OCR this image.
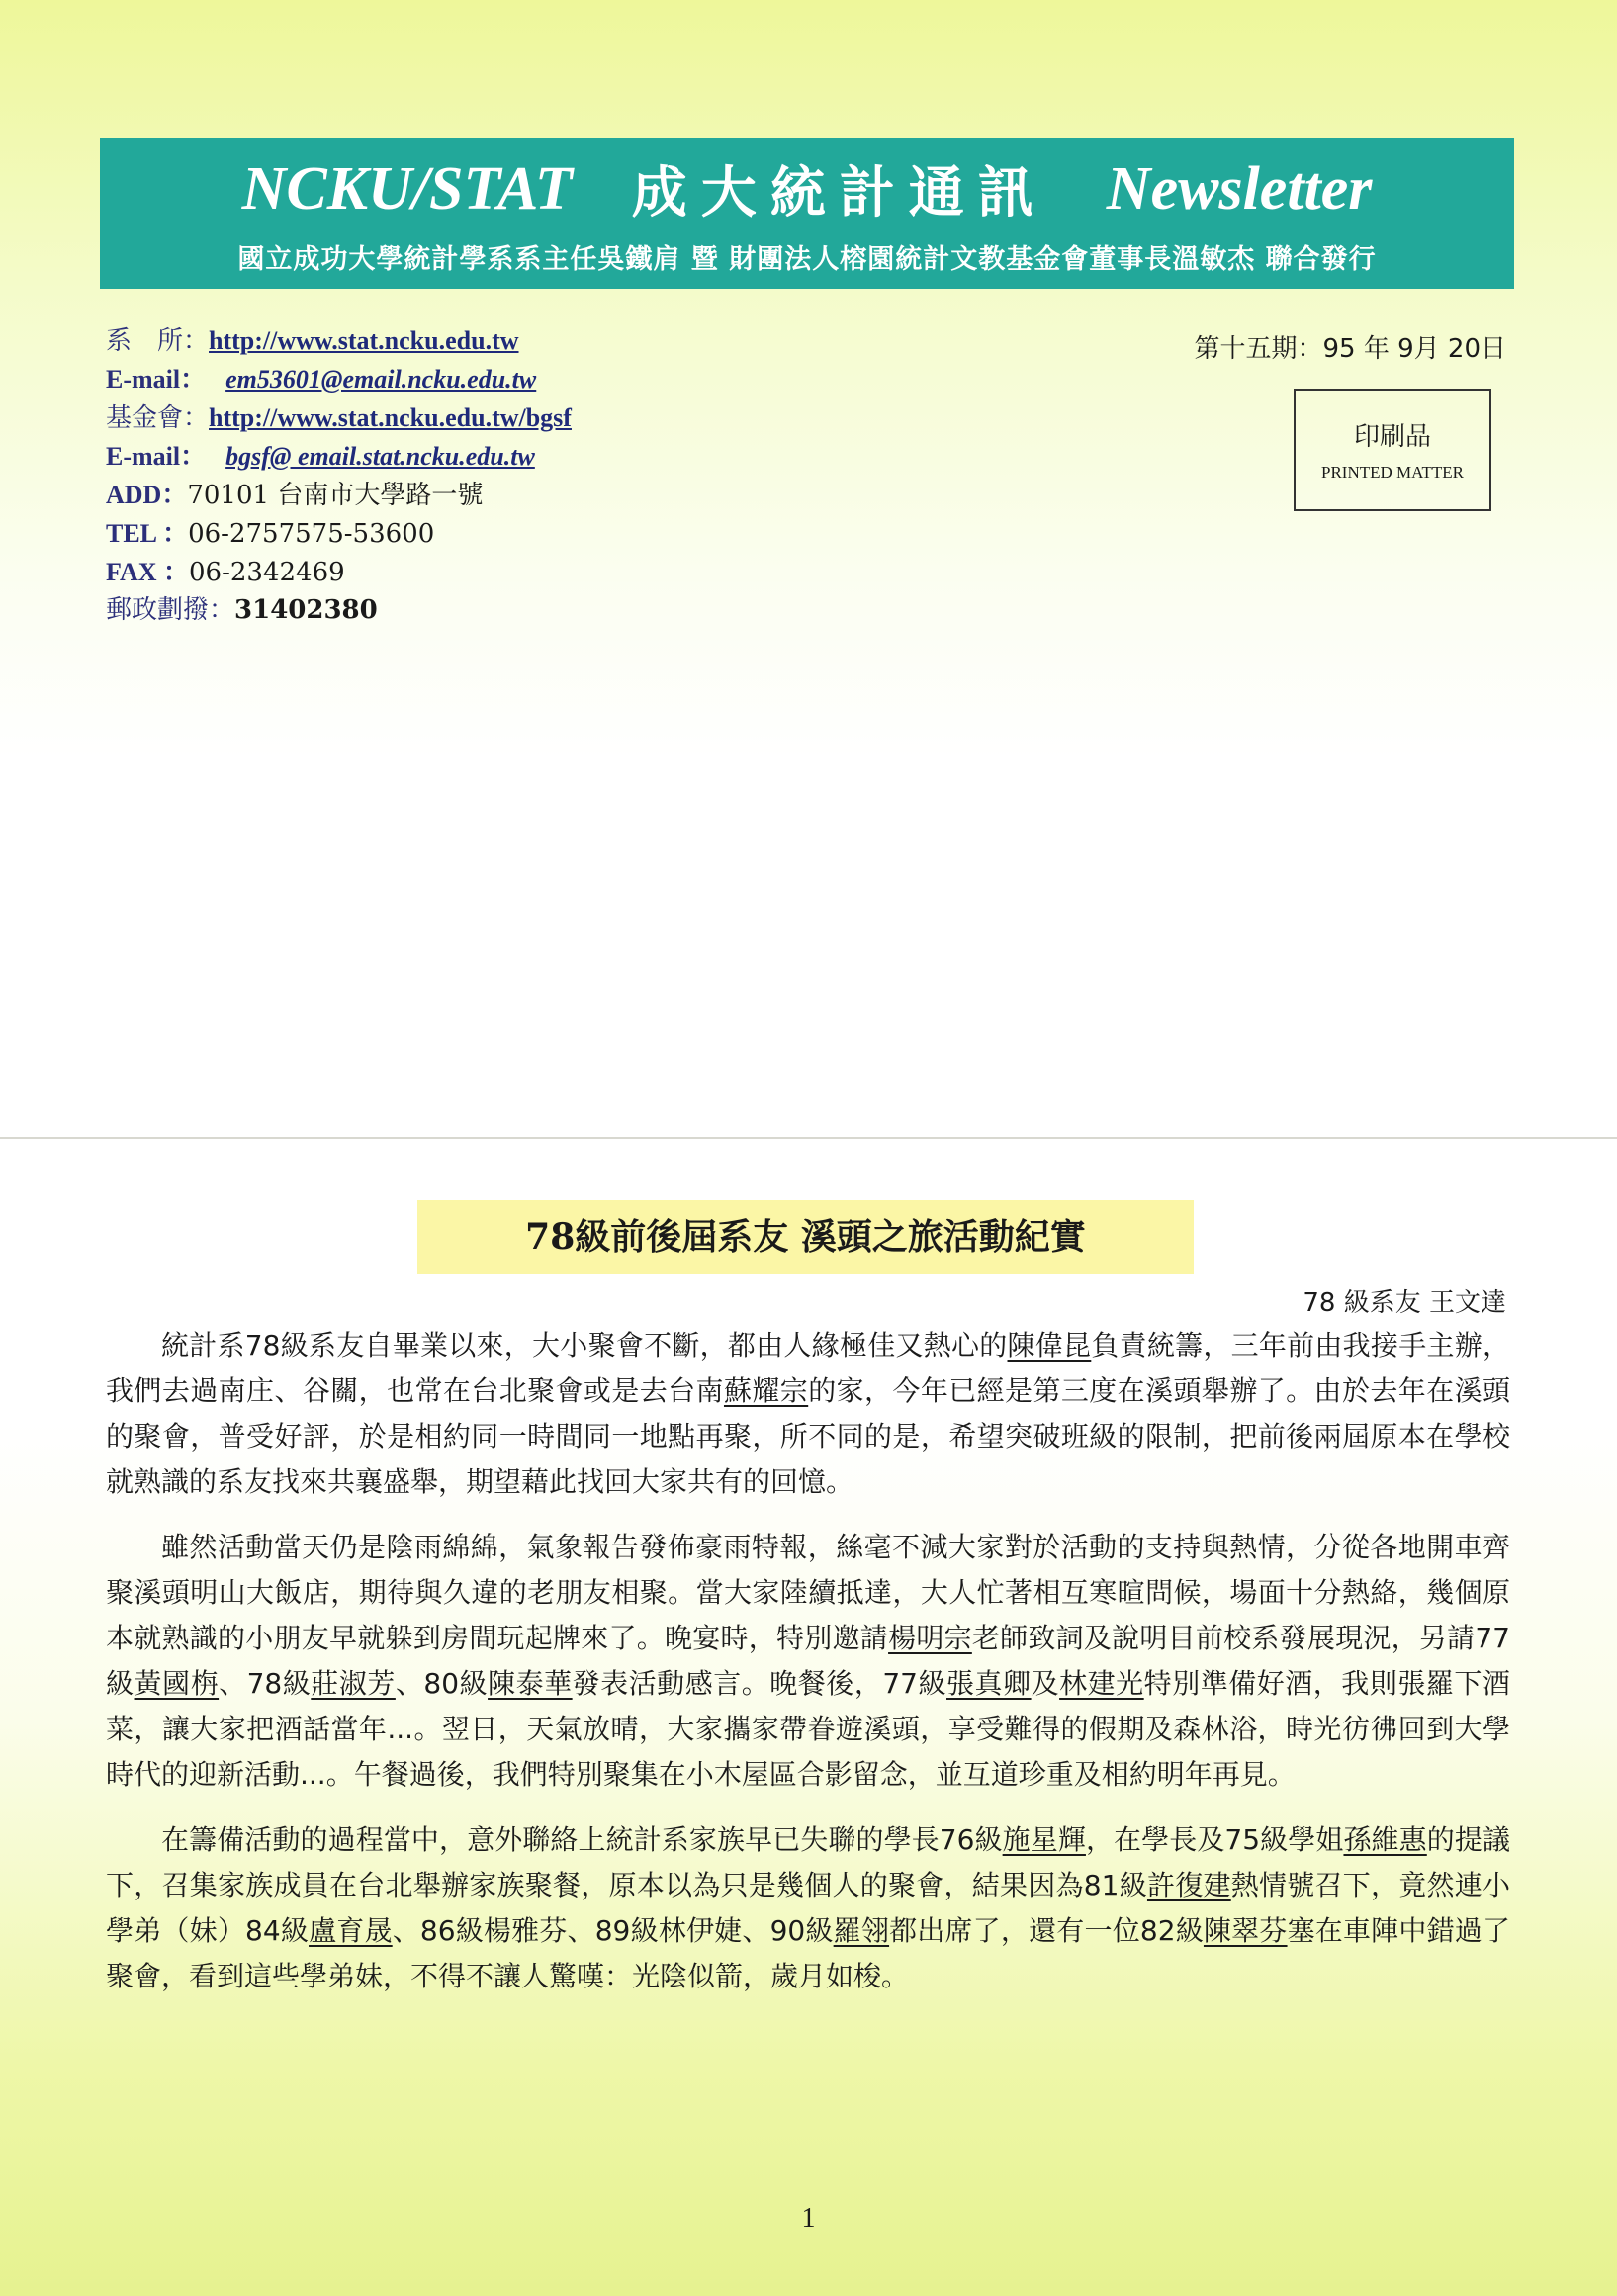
NCKU/STAT 成大統計通訊 Newsletter
國立成功大學統計學系系主任吳鐵肩 暨 財團法人榕園統計文教基金會董事長溫敏杰 聯合發行
系　所：http://www.stat.ncku.edu.tw
E-mail： em53601@email.ncku.edu.tw
基金會：http://www.stat.ncku.edu.tw/bgsf
E-mail： bgsf@ email.stat.ncku.edu.tw
ADD：70101 台南市大學路一號
TEL ：06-2757575-53600
FAX ：06-2342469
郵政劃撥：31402380
第十五期：95 年 9月 20日
印刷品
PRINTED MATTER
78級前後屆系友 溪頭之旅活動紀實
78 級系友 王文達

統計系78級系友自畢業以來，大小聚會不斷，都由人緣極佳又熱心的陳偉昆負責統籌，三年前由我接手主辦，我們去過南庄、谷關，也常在台北聚會或是去台南蘇耀宗的家，今年已經是第三度在溪頭舉辦了。由於去年在溪頭的聚會，普受好評，於是相約同一時間同一地點再聚，所不同的是，希望突破班級的限制，把前後兩屆原本在學校就熟識的系友找來共襄盛舉，期望藉此找回大家共有的回憶。

雖然活動當天仍是陰雨綿綿，氣象報告發佈豪雨特報，絲毫不減大家對於活動的支持與熱情，分從各地開車齊聚溪頭明山大飯店，期待與久違的老朋友相聚。當大家陸續抵達，大人忙著相互寒暄問候，場面十分熱絡，幾個原本就熟識的小朋友早就躲到房間玩起牌來了。晚宴時，特別邀請楊明宗老師致詞及說明目前校系發展現況，另請77級黃國栴、78級莊淑芳、80級陳泰華發表活動感言。晚餐後，77級張真卿及林建光特別準備好酒，我則張羅下酒菜，讓大家把酒話當年...。翌日，天氣放晴，大家攜家帶眷遊溪頭，享受難得的假期及森林浴，時光彷彿回到大學時代的迎新活動...。午餐過後，我們特別聚集在小木屋區合影留念，並互道珍重及相約明年再見。

在籌備活動的過程當中，意外聯絡上統計系家族早已失聯的學長76級施星輝，在學長及75級學姐孫維惠的提議下，召集家族成員在台北舉辦家族聚餐，原本以為只是幾個人的聚會，結果因為81級許復建熱情號召下，竟然連小學弟（妹）84級盧育晟、86級楊雅芬、89級林伊婕、90級羅翎都出席了，還有一位82級陳翠芬塞在車陣中錯過了聚會，看到這些學弟妹，不得不讓人驚嘆：光陰似箭，歲月如梭。

1
